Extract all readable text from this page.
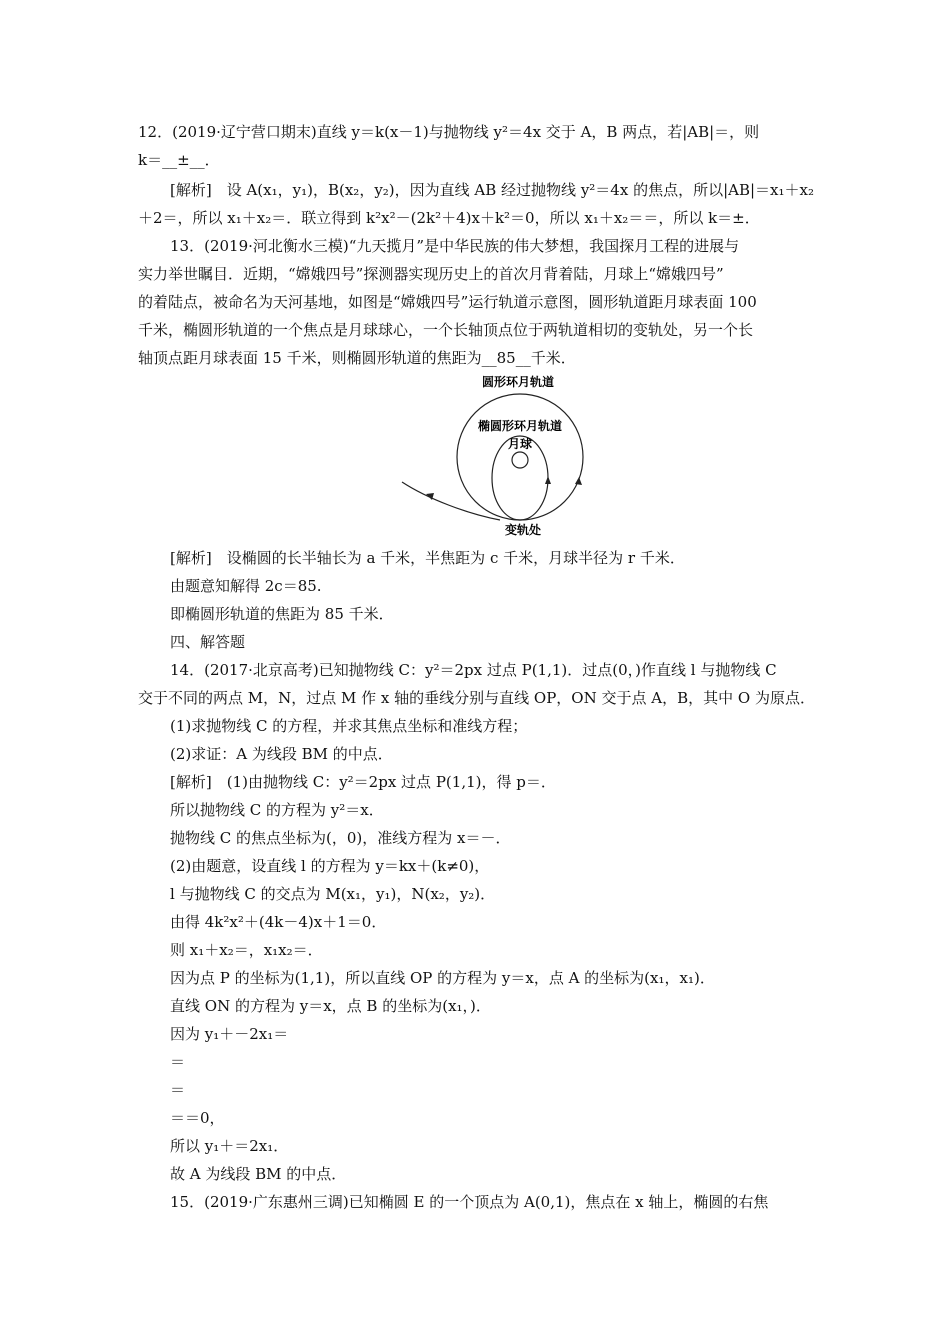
12．(2019·辽宁营口期末)直线 y＝k(x－1)与抛物线 y²＝4x 交于 A，B 两点，若|AB|＝，则
k＝__±__．
[解析]　设 A(x₁，y₁)，B(x₂，y₂)，因为直线 AB 经过抛物线 y²＝4x 的焦点，所以|AB|＝x₁＋x₂
＋2＝，所以 x₁＋x₂＝．联立得到 k²x²－(2k²＋4)x＋k²＝0，所以 x₁＋x₂＝＝，所以 k＝±．
13．(2019·河北衡水三模)“九天揽月”是中华民族的伟大梦想，我国探月工程的进展与
实力举世瞩目．近期，“嫦娥四号”探测器实现历史上的首次月背着陆，月球上“嫦娥四号”
的着陆点，被命名为天河基地，如图是“嫦娥四号”运行轨道示意图，圆形轨道距月球表面 100
千米，椭圆形轨道的一个焦点是月球球心，一个长轴顶点位于两轨道相切的变轨处，另一个长
轴顶点距月球表面 15 千米，则椭圆形轨道的焦距为__85__千米．
圆形环月轨道
椭圆形环月轨道
月球
变轨处
[解析]　设椭圆的长半轴长为 a 千米，半焦距为 c 千米，月球半径为 r 千米．
由题意知解得 2c＝85.
即椭圆形轨道的焦距为 85 千米．
四、解答题
14．(2017·北京高考)已知抛物线 C：y²＝2px 过点 P(1,1)．过点(0，)作直线 l 与抛物线 C
交于不同的两点 M，N，过点 M 作 x 轴的垂线分别与直线 OP，ON 交于点 A，B，其中 O 为原点．
(1)求抛物线 C 的方程，并求其焦点坐标和准线方程；
(2)求证：A 为线段 BM 的中点．
[解析]　(1)由抛物线 C：y²＝2px 过点 P(1,1)，得 p＝．
所以抛物线 C 的方程为 y²＝x．
抛物线 C 的焦点坐标为(，0)，准线方程为 x＝－．
(2)由题意，设直线 l 的方程为 y＝kx＋(k≠0)，
l 与抛物线 C 的交点为 M(x₁，y₁)，N(x₂，y₂)．
由得 4k²x²＋(4k－4)x＋1＝0．
则 x₁＋x₂＝，x₁x₂＝．
因为点 P 的坐标为(1,1)，所以直线 OP 的方程为 y＝x，点 A 的坐标为(x₁，x₁)．
直线 ON 的方程为 y＝x，点 B 的坐标为(x₁，)．
因为 y₁＋－2x₁＝
＝
＝
＝＝0，
所以 y₁＋＝2x₁．
故 A 为线段 BM 的中点．
15．(2019·广东惠州三调)已知椭圆 E 的一个顶点为 A(0,1)，焦点在 x 轴上，椭圆的右焦
